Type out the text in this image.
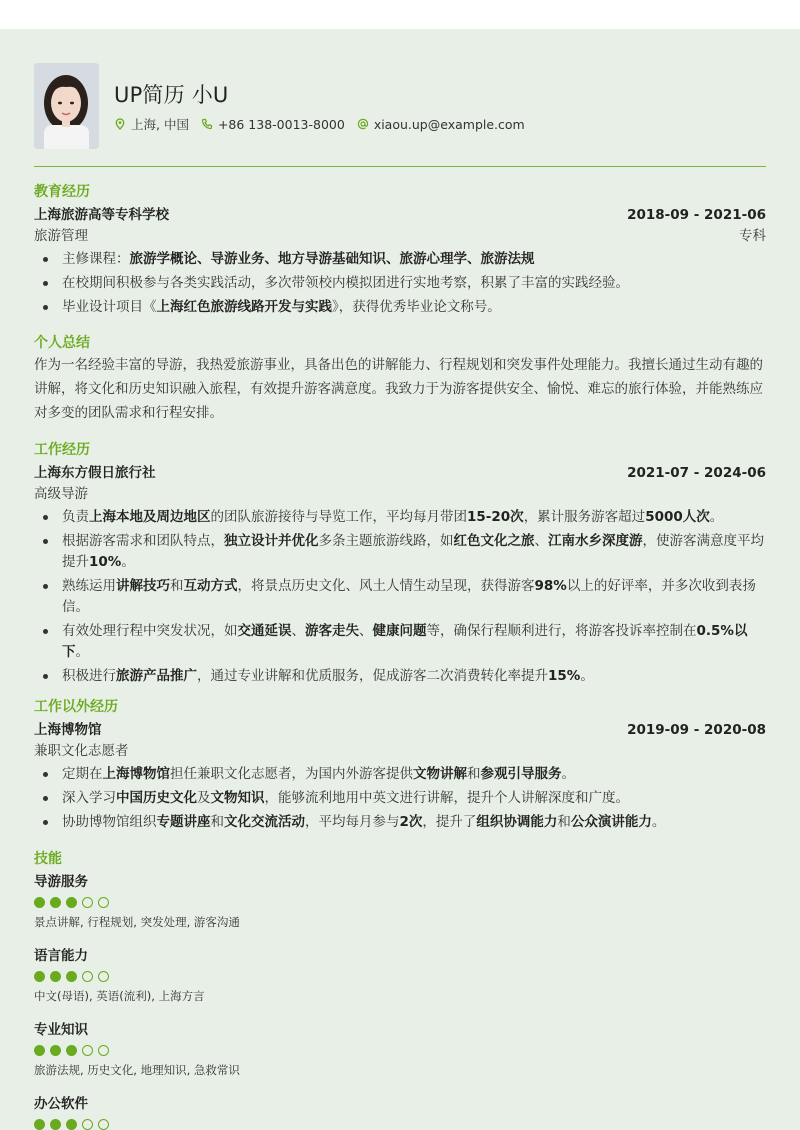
UP简历 小U
上海, 中国 +86 138-0013-8000 xiaou.up@example.com
教育经历
上海旅游高等专科学校	2018-09 - 2021-06
旅游管理	专科
主修课程：旅游学概论、导游业务、地方导游基础知识、旅游心理学、旅游法规
在校期间积极参与各类实践活动，多次带领校内模拟团进行实地考察，积累了丰富的实践经验。
毕业设计项目《上海红色旅游线路开发与实践》，获得优秀毕业论文称号。
个人总结
作为一名经验丰富的导游，我热爱旅游事业，具备出色的讲解能力、行程规划和突发事件处理能力。我擅长通过生动有趣的讲解，将文化和历史知识融入旅程，有效提升游客满意度。我致力于为游客提供安全、愉悦、难忘的旅行体验，并能熟练应对多变的团队需求和行程安排。
工作经历
上海东方假日旅行社	2021-07 - 2024-06
高级导游
负责上海本地及周边地区的团队旅游接待与导览工作，平均每月带团15-20次，累计服务游客超过5000人次。
根据游客需求和团队特点，独立设计并优化多条主题旅游线路，如红色文化之旅、江南水乡深度游，使游客满意度平均提升10%。
熟练运用讲解技巧和互动方式，将景点历史文化、风土人情生动呈现，获得游客98%以上的好评率，并多次收到表扬信。
有效处理行程中突发状况，如交通延误、游客走失、健康问题等，确保行程顺利进行，将游客投诉率控制在0.5%以下。
积极进行旅游产品推广，通过专业讲解和优质服务，促成游客二次消费转化率提升15%。
工作以外经历
上海博物馆	2019-09 - 2020-08
兼职文化志愿者
定期在上海博物馆担任兼职文化志愿者，为国内外游客提供文物讲解和参观引导服务。
深入学习中国历史文化及文物知识，能够流利地用中英文进行讲解，提升个人讲解深度和广度。
协助博物馆组织专题讲座和文化交流活动，平均每月参与2次，提升了组织协调能力和公众演讲能力。
技能
导游服务
景点讲解, 行程规划, 突发处理, 游客沟通
语言能力
中文(母语), 英语(流利), 上海方言
专业知识
旅游法规, 历史文化, 地理知识, 急救常识
办公软件
